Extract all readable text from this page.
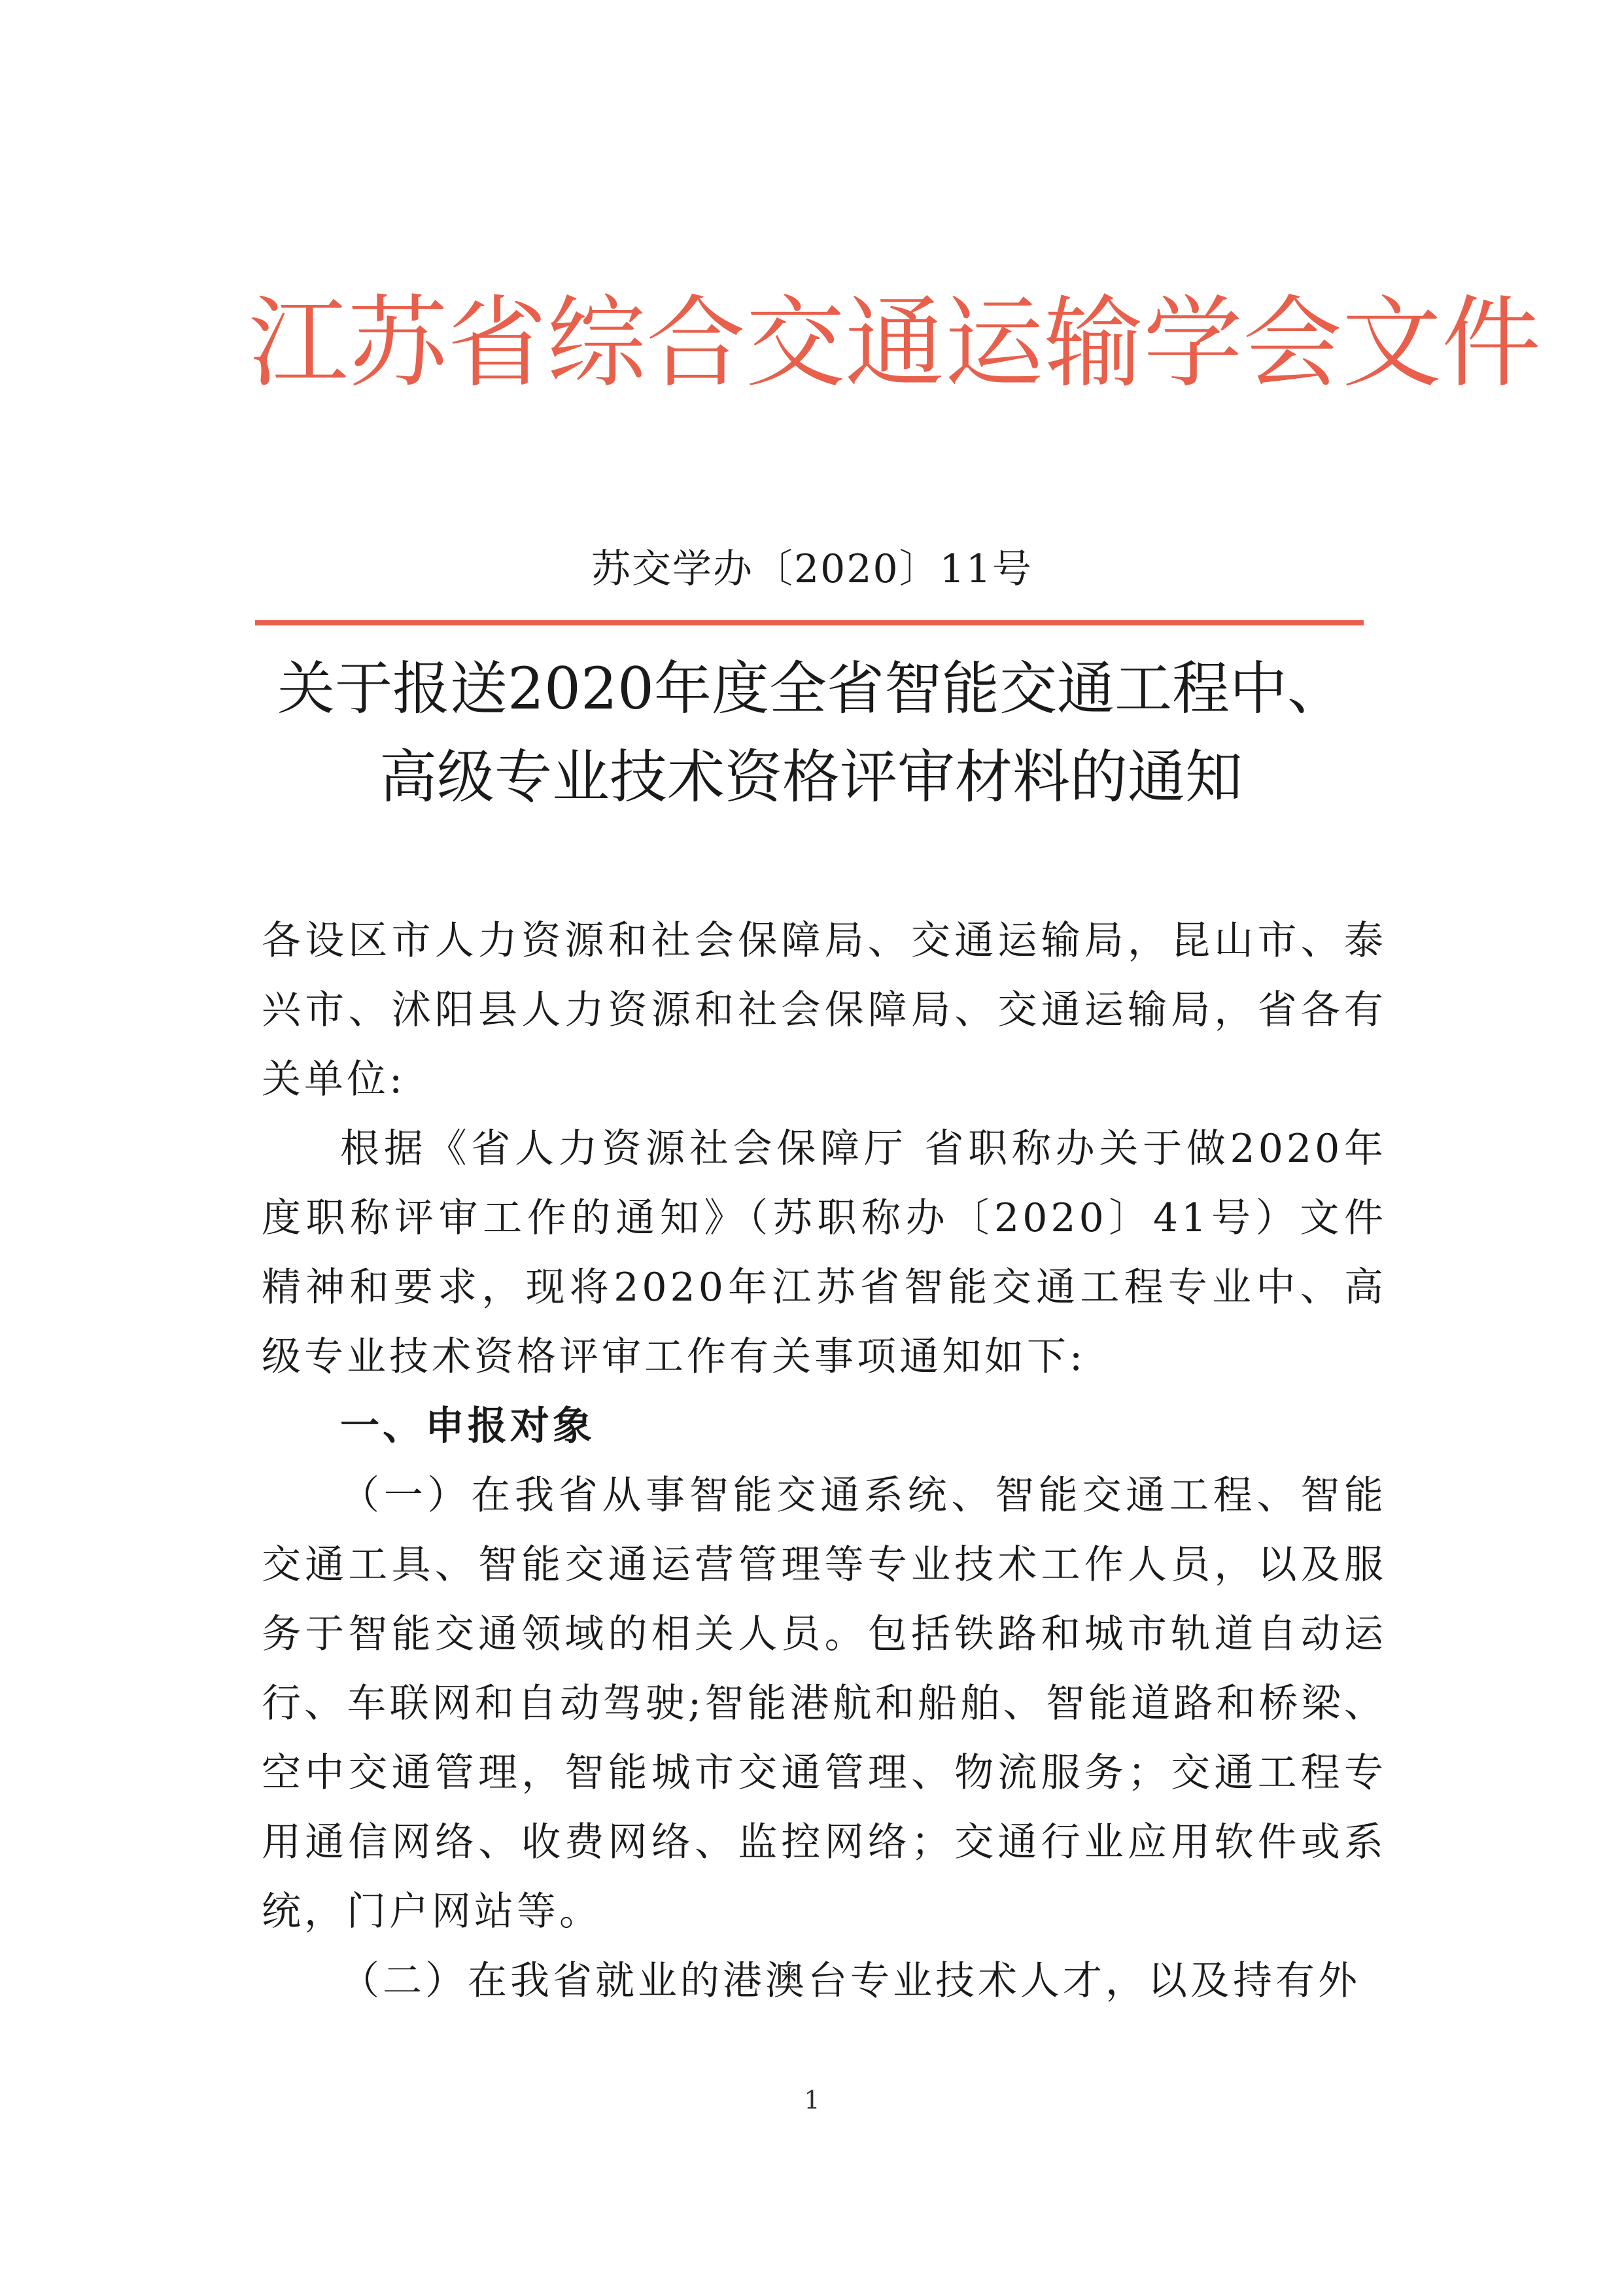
江苏省综合交通运输学会文件
苏交学办〔2020〕11号
关于报送2020年度全省智能交通工程中、
高级专业技术资格评审材料的通知

各设区市人力资源和社会保障局、交通运输局，昆山市、泰兴市、沭阳县人力资源和社会保障局、交通运输局，省各有关单位:

根据《省人力资源社会保障厅 省职称办关于做2020年度职称评审工作的通知》（苏职称办〔2020〕41号）文件精神和要求，现将2020年江苏省智能交通工程专业中、高级专业技术资格评审工作有关事项通知如下:

一、申报对象

（一）在我省从事智能交通系统、智能交通工程、智能交通工具、智能交通运营管理等专业技术工作人员，以及服务于智能交通领域的相关人员。包括铁路和城市轨道自动运行、车联网和自动驾驶;智能港航和船舶、智能道路和桥梁、空中交通管理，智能城市交通管理、物流服务；交通工程专用通信网络、收费网络、监控网络；交通行业应用软件或系统，门户网站等。

（二）在我省就业的港澳台专业技术人才，以及持有外

1
